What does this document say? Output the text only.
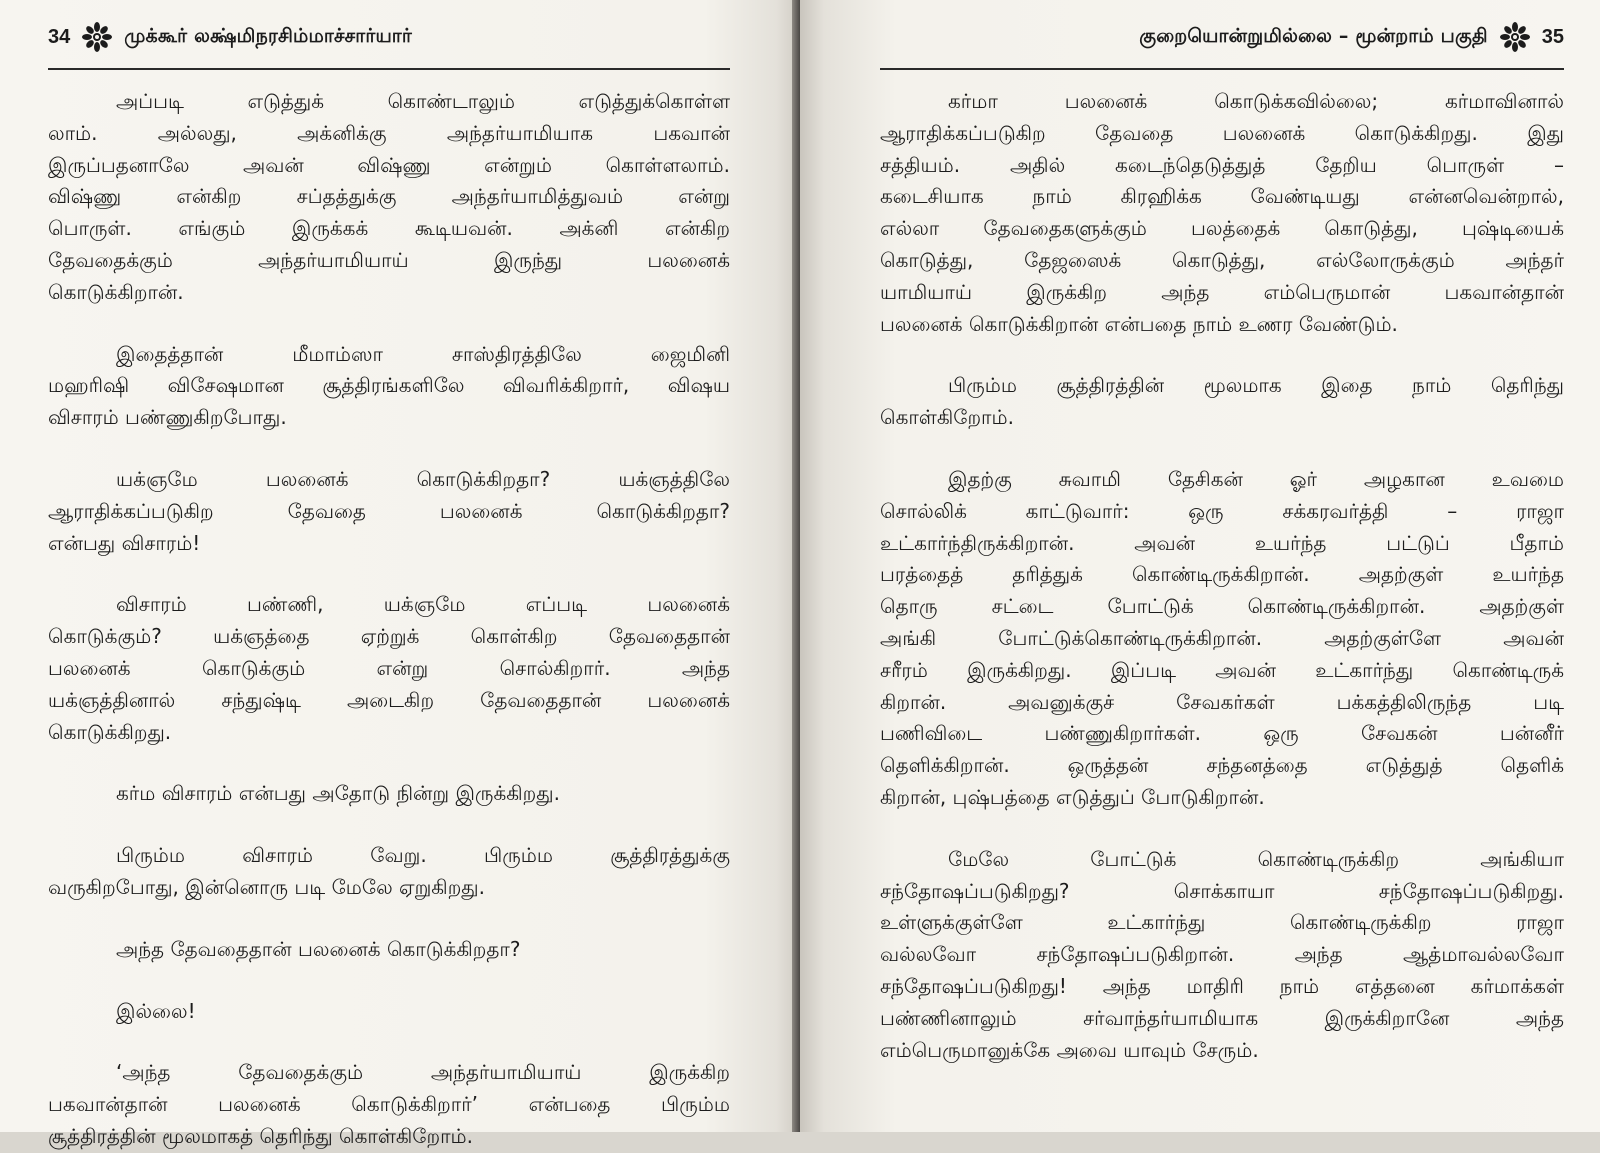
34	முக்கூர் லக்ஷ்மிநரசிம்மாச்சார்யார்
அப்படி எடுத்துக் கொண்டாலும் எடுத்துக்கொள்ள
லாம். அல்லது, அக்னிக்கு அந்தர்யாமியாக பகவான்
இருப்பதனாலே அவன் விஷ்ணு என்றும் கொள்ளலாம்.
விஷ்ணு என்கிற சப்தத்துக்கு அந்தர்யாமித்துவம் என்று
பொருள். எங்கும் இருக்கக் கூடியவன். அக்னி என்கிற
தேவதைக்கும் அந்தர்யாமியாய் இருந்து பலனைக்
கொடுக்கிறான்.
இதைத்தான் மீமாம்ஸா சாஸ்திரத்திலே ஜைமினி
மஹரிஷி விசேஷமான சூத்திரங்களிலே விவரிக்கிறார், விஷய
விசாரம் பண்ணுகிறபோது.
யக்ஞமே பலனைக் கொடுக்கிறதா? யக்ஞத்திலே
ஆராதிக்கப்படுகிற தேவதை பலனைக் கொடுக்கிறதா?
என்பது விசாரம்!
விசாரம் பண்ணி, யக்ஞமே எப்படி பலனைக்
கொடுக்கும்? யக்ஞத்தை ஏற்றுக் கொள்கிற தேவதைதான்
பலனைக் கொடுக்கும் என்று சொல்கிறார். அந்த
யக்ஞத்தினால் சந்துஷ்டி அடைகிற தேவதைதான் பலனைக்
கொடுக்கிறது.
கர்ம விசாரம் என்பது அதோடு நின்று இருக்கிறது.
பிரும்ம விசாரம் வேறு. பிரும்ம சூத்திரத்துக்கு
வருகிறபோது, இன்னொரு படி மேலே ஏறுகிறது.
அந்த தேவதைதான் பலனைக் கொடுக்கிறதா?
இல்லை!
‘அந்த தேவதைக்கும் அந்தர்யாமியாய் இருக்கிற
பகவான்தான் பலனைக் கொடுக்கிறார்’ என்பதை பிரும்ம
சூத்திரத்தின் மூலமாகத் தெரிந்து கொள்கிறோம்.
குறையொன்றுமில்லை – மூன்றாம் பகுதி	35
கர்மா பலனைக் கொடுக்கவில்லை; கர்மாவினால்
ஆராதிக்கப்படுகிற தேவதை பலனைக் கொடுக்கிறது. இது
சத்தியம். அதில் கடைந்தெடுத்துத் தேறிய பொருள் –
கடைசியாக நாம் கிரஹிக்க வேண்டியது என்னவென்றால்,
எல்லா தேவதைகளுக்கும் பலத்தைக் கொடுத்து, புஷ்டியைக்
கொடுத்து, தேஜஸைக் கொடுத்து, எல்லோருக்கும் அந்தர்
யாமியாய் இருக்கிற அந்த எம்பெருமான் பகவான்தான்
பலனைக் கொடுக்கிறான் என்பதை நாம் உணர வேண்டும்.
பிரும்ம சூத்திரத்தின் மூலமாக இதை நாம் தெரிந்து
கொள்கிறோம்.
இதற்கு சுவாமி தேசிகன் ஓர் அழகான உவமை
சொல்லிக் காட்டுவார்: ஒரு சக்கரவர்த்தி – ராஜா
உட்கார்ந்திருக்கிறான். அவன் உயர்ந்த பட்டுப் பீதாம்
பரத்தைத் தரித்துக் கொண்டிருக்கிறான். அதற்குள் உயர்ந்த
தொரு சட்டை போட்டுக் கொண்டிருக்கிறான். அதற்குள்
அங்கி போட்டுக்கொண்டிருக்கிறான். அதற்குள்ளே அவன்
சரீரம் இருக்கிறது. இப்படி அவன் உட்கார்ந்து கொண்டிருக்
கிறான். அவனுக்குச் சேவகர்கள் பக்கத்திலிருந்த படி
பணிவிடை பண்ணுகிறார்கள். ஒரு சேவகன் பன்னீர்
தெளிக்கிறான். ஒருத்தன் சந்தனத்தை எடுத்துத் தெளிக்
கிறான், புஷ்பத்தை எடுத்துப் போடுகிறான்.
மேலே போட்டுக் கொண்டிருக்கிற அங்கியா
சந்தோஷப்படுகிறது? சொக்காயா சந்தோஷப்படுகிறது.
உள்ளுக்குள்ளே உட்கார்ந்து கொண்டிருக்கிற ராஜா
வல்லவோ சந்தோஷப்படுகிறான். அந்த ஆத்மாவல்லவோ
சந்தோஷப்படுகிறது! அந்த மாதிரி நாம் எத்தனை கர்மாக்கள்
பண்ணினாலும் சர்வாந்தர்யாமியாக இருக்கிறானே அந்த
எம்பெருமானுக்கே அவை யாவும் சேரும்.
